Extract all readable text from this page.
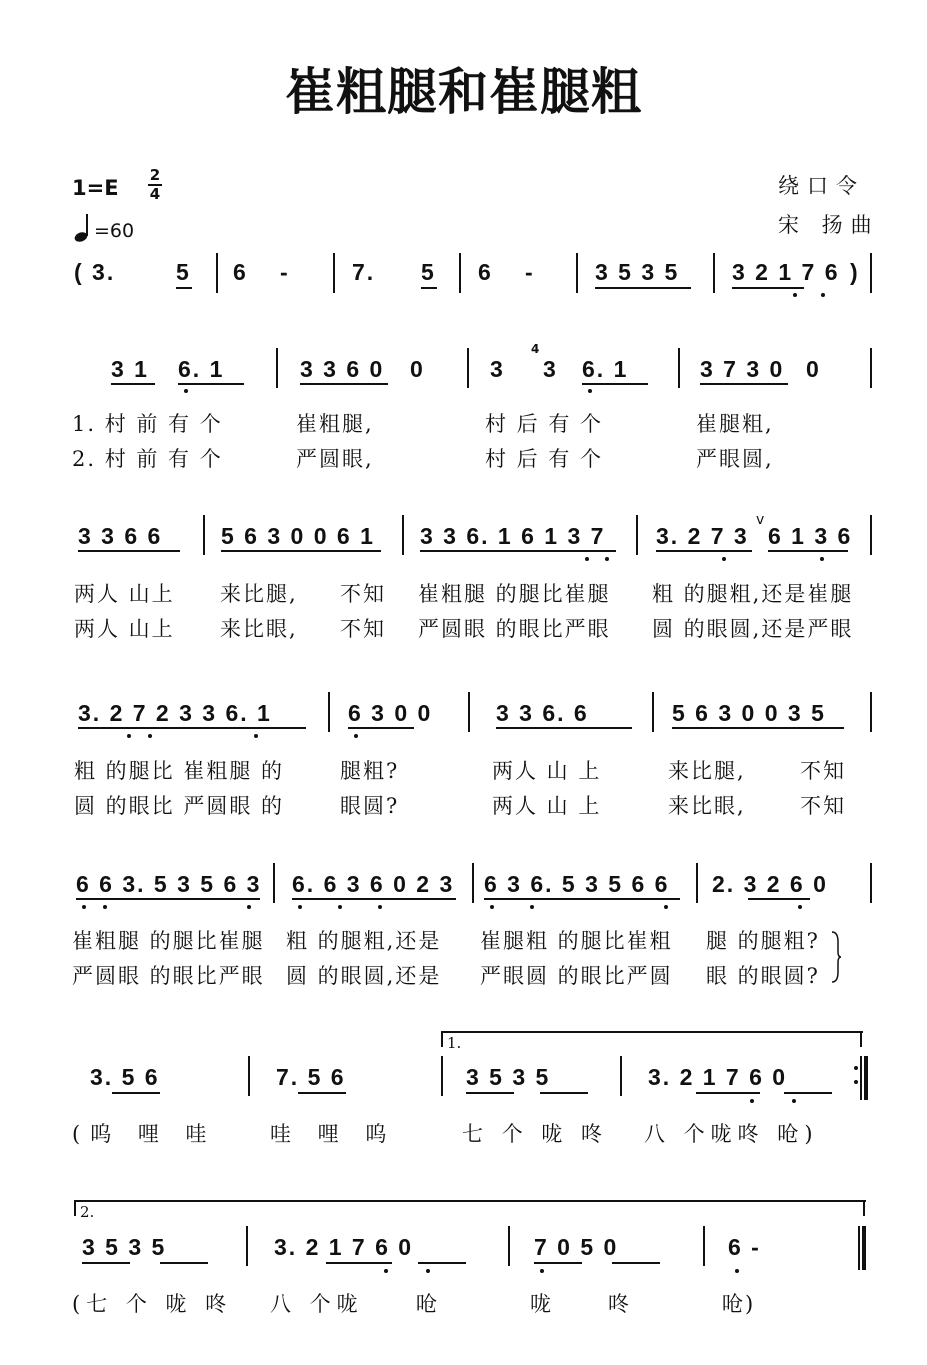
崔粗腿和崔腿粗
1=E
2
4
=60
绕口令
宋 扬曲
( 3.	5 6 -	7. 5 6 -	3 5 3 5 3 2 1 7 6 )
3 1 6. 1	3 3 6 0 0	3
4
3 6. 1	3 7 3 0 0
1. 村 前 有 个	崔粗腿,	村 后 有 个	崔腿粗,
2. 村 前 有 个	严圆眼,	村 后 有 个	严眼圆,
3 3 6 6	5 6 3 0 0 6 1 3 3 6. 1 6 1 3 7 3. 2 7 3
v
6 1 3 6
两人 山上 来比腿, 不知 崔粗腿 的腿比崔腿 粗 的腿粗,还是崔腿
两人 山上 来比眼, 不知 严圆眼 的眼比严眼 圆 的眼圆,还是严眼
3. 2 7 2 3 3 6. 1	6 3 0 0	3 3 6. 6	5 6 3 0 0 3 5
粗 的腿比 崔粗腿 的	腿粗?	两人 山 上	来比腿,	不知
圆 的眼比 严圆眼 的	眼圆?	两人 山 上	来比眼,	不知
6 6 3. 5 3 5 6 3 6. 6 3 6 0 2 3 6 3 6. 5 3 5 6 6 2. 3 2 6 0
崔粗腿 的腿比崔腿 粗 的腿粗,还是 崔腿粗 的腿比崔粗 腿 的腿粗?
严圆眼 的眼比严眼 圆 的眼圆,还是 严眼圆 的眼比严圆 眼 的眼圆?
1.
3. 5 6	7. 5 6	3 5 3 5	3. 2 1 7 6 0
(呜 哩 哇	哇 哩 呜	七 个 咙 咚 八 个咙咚 呛)
2.
3 5 3 5	3. 2 1 7 6 0	7 0 5 0	6 -
(七 个 咙 咚 八 个咙 呛	咙	咚	呛)
